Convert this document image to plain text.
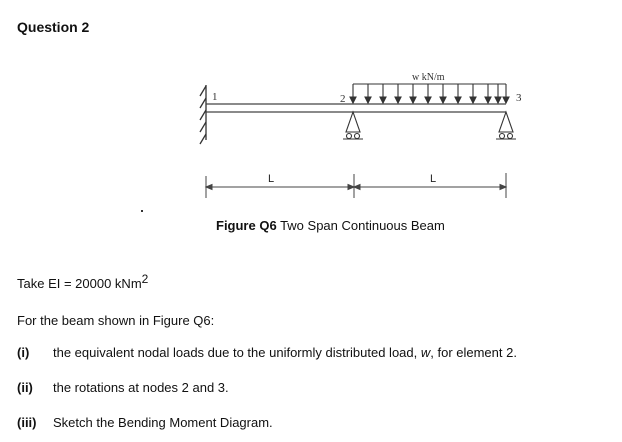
Question 2
1	2	3
w kN/m
L	L
Figure Q6 Two Span Continuous Beam
Take EI = 20000 kNm$^2$
For the beam shown in Figure Q6:
(i) the equivalent nodal loads due to the uniformly distributed load, w, for element 2.
(ii) the rotations at nodes 2 and 3.
(iii) Sketch the Bending Moment Diagram.
